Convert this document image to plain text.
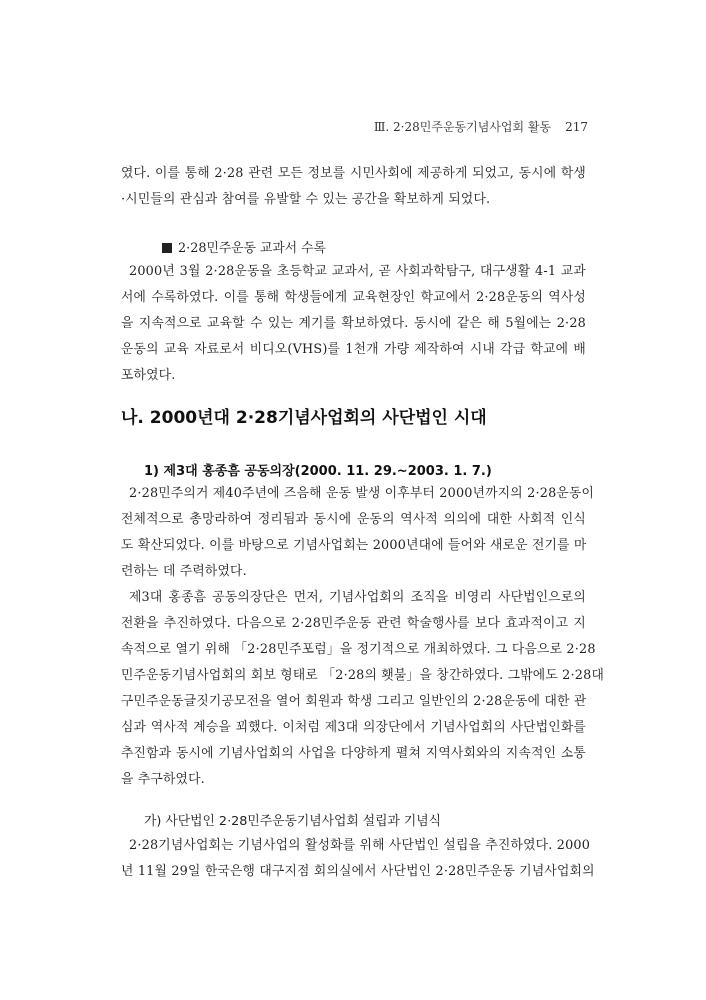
Ⅲ. 2·28민주운동기념사업회 활동 217
였다. 이를 통해 2·28 관련 모든 정보를 시민사회에 제공하게 되었고, 동시에 학생
·시민들의 관심과 참여를 유발할 수 있는 공간을 확보하게 되었다.
2·28민주운동 교과서 수록
2000년 3월 2·28운동을 초등학교 교과서, 곧 사회과학탐구, 대구생활 4-1 교과
서에 수록하였다. 이를 통해 학생들에게 교육현장인 학교에서 2·28운동의 역사성
을 지속적으로 교육할 수 있는 계기를 확보하였다. 동시에 같은 해 5월에는 2·28
운동의 교육 자료로서 비디오(VHS)를 1천개 가량 제작하여 시내 각급 학교에 배
포하였다.
나. 2000년대 2·28기념사업회의 사단법인 시대
1) 제3대 홍종흠 공동의장(2000. 11. 29.~2003. 1. 7.)
2·28민주의거 제40주년에 즈음해 운동 발생 이후부터 2000년까지의 2·28운동이
전체적으로 총망라하여 정리됨과 동시에 운동의 역사적 의의에 대한 사회적 인식
도 확산되었다. 이를 바탕으로 기념사업회는 2000년대에 들어와 새로운 전기를 마
련하는 데 주력하였다.
제3대 홍종흠 공동의장단은 먼저, 기념사업회의 조직을 비영리 사단법인으로의
전환을 추진하였다. 다음으로 2·28민주운동 관련 학술행사를 보다 효과적이고 지
속적으로 열기 위해 「2·28민주포럼」을 정기적으로 개최하였다. 그 다음으로 2·28
민주운동기념사업회의 회보 형태로 「2·28의 횃불」을 창간하였다. 그밖에도 2·28대
구민주운동글짓기공모전을 열어 회원과 학생 그리고 일반인의 2·28운동에 대한 관
심과 역사적 계승을 꾀했다. 이처럼 제3대 의장단에서 기념사업회의 사단법인화를
추진함과 동시에 기념사업회의 사업을 다양하게 펼쳐 지역사회와의 지속적인 소통
을 추구하였다.
가) 사단법인 2·28민주운동기념사업회 설립과 기념식
2·28기념사업회는 기념사업의 활성화를 위해 사단법인 설립을 추진하였다. 2000
년 11월 29일 한국은행 대구지점 회의실에서 사단법인 2·28민주운동 기념사업회의
